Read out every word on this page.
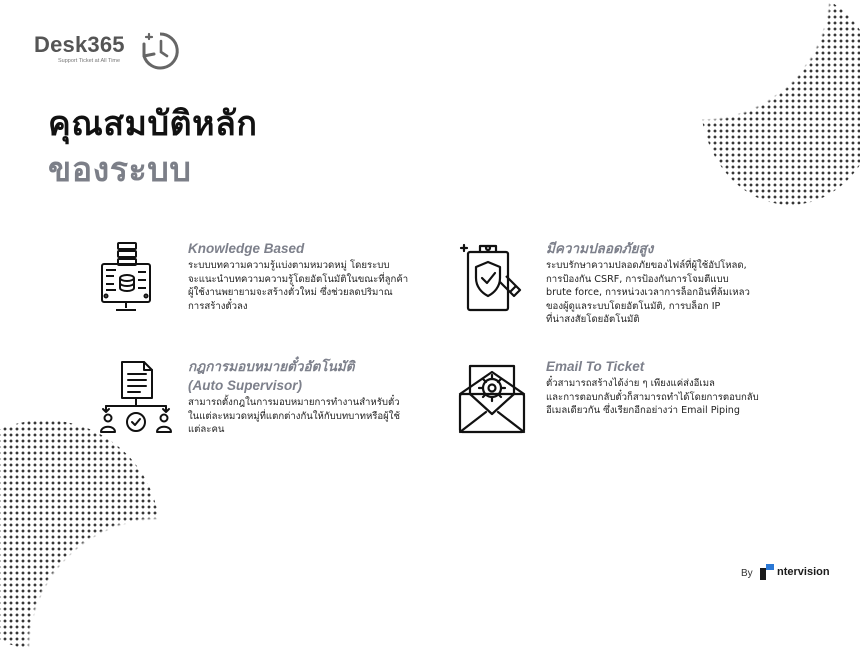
Desk365
Support Ticket at All Time
คุณสมบัติหลัก
ของระบบ
Knowledge Based
ระบบบทความความรู้แบ่งตามหมวดหมู่ โดยระบบ
จะแนะนำบทความความรู้โดยอัตโนมัติในขณะที่ลูกค้า
ผู้ใช้งานพยายามจะสร้างตั๋วใหม่ ซึ่งช่วยลดปริมาณ
การสร้างตั๋วลง
มีความปลอดภัยสูง
ระบบรักษาความปลอดภัยของไฟล์ที่ผู้ใช้อัปโหลด,
การป้องกัน CSRF, การป้องกันการโจมตีแบบ
brute force, การหน่วงเวลาการล็อกอินที่ล้มเหลว
ของผู้ดูแลระบบโดยอัตโนมัติ, การบล็อก IP
ที่น่าสงสัยโดยอัตโนมัติ
กฎการมอบหมายตั๋วอัตโนมัติ
(Auto Supervisor)
สามารถตั้งกฎในการมอบหมายการทำงานสำหรับตั๋ว
ในแต่ละหมวดหมู่ที่แตกต่างกันให้กับบทบาทหรือผู้ใช้
แต่ละคน
Email To Ticket
ตั๋วสามารถสร้างได้ง่าย ๆ เพียงแค่ส่งอีเมล
และการตอบกลับตั๋วก็สามารถทำได้โดยการตอบกลับ
อีเมลเดียวกัน ซึ่งเรียกอีกอย่างว่า Email Piping
By ntervision
